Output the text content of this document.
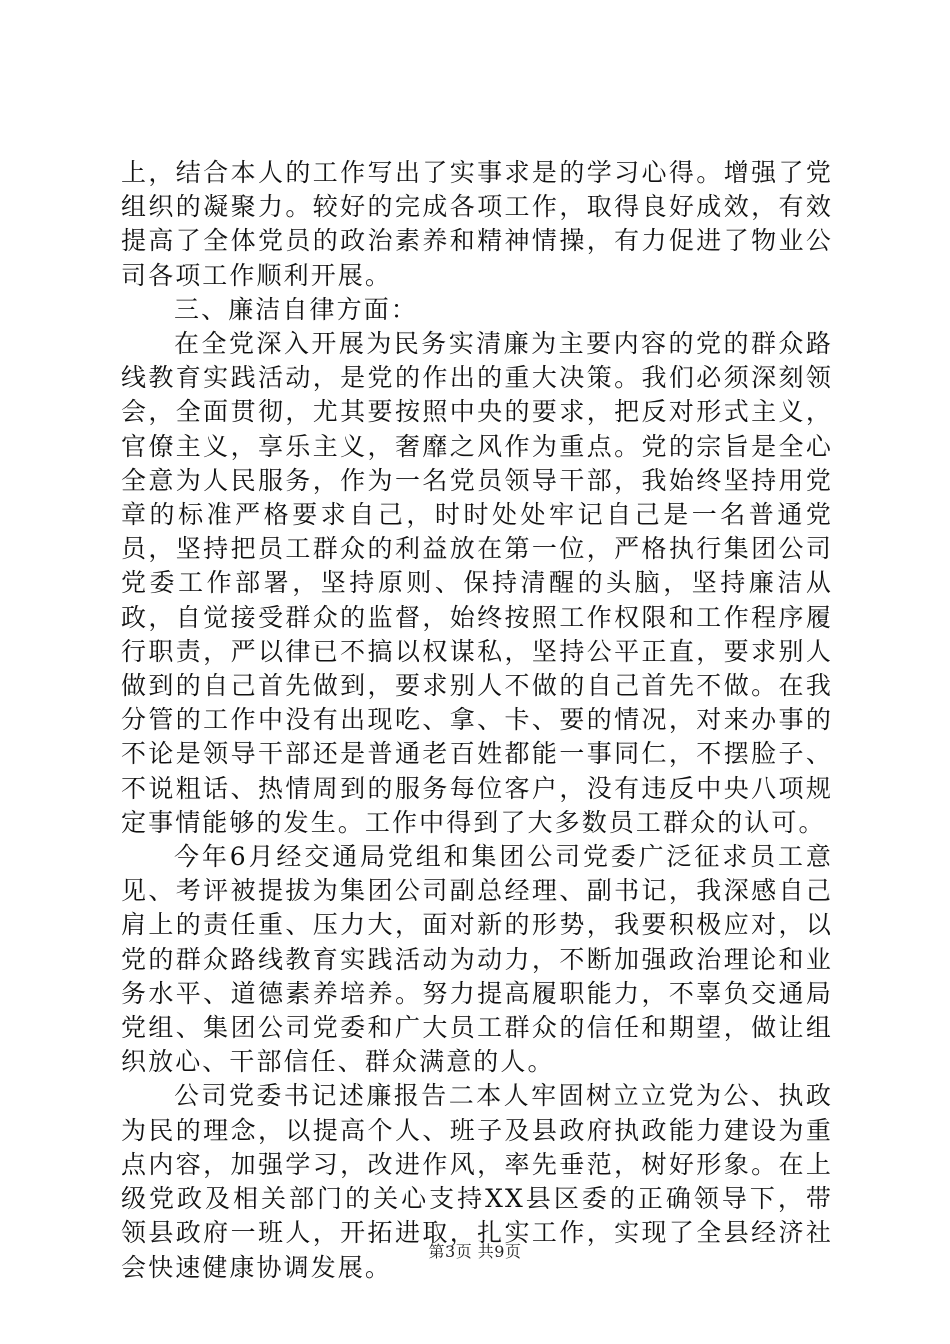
上，结合本人的工作写出了实事求是的学习心得。增强了党组织的凝聚力。较好的完成各项工作，取得良好成效，有效提高了全体党员的政治素养和精神情操，有力促进了物业公司各项工作顺利开展。

三、廉洁自律方面：

在全党深入开展为民务实清廉为主要内容的党的群众路线教育实践活动，是党的作出的重大决策。我们必须深刻领会，全面贯彻，尤其要按照中央的要求，把反对形式主义，官僚主义，享乐主义，奢靡之风作为重点。党的宗旨是全心全意为人民服务，作为一名党员领导干部，我始终坚持用党章的标准严格要求自己，时时处处牢记自己是一名普通党员，坚持把员工群众的利益放在第一位，严格执行集团公司党委工作部署，坚持原则、保持清醒的头脑，坚持廉洁从政，自觉接受群众的监督，始终按照工作权限和工作程序履行职责，严以律已不搞以权谋私，坚持公平正直，要求别人做到的自己首先做到，要求别人不做的自己首先不做。在我分管的工作中没有出现吃、拿、卡、要的情况，对来办事的不论是领导干部还是普通老百姓都能一事同仁，不摆脸子、不说粗话、热情周到的服务每位客户，没有违反中央八项规定事情能够的发生。工作中得到了大多数员工群众的认可。

今年6月经交通局党组和集团公司党委广泛征求员工意见、考评被提拔为集团公司副总经理、副书记，我深感自己肩上的责任重、压力大，面对新的形势，我要积极应对，以党的群众路线教育实践活动为动力，不断加强政治理论和业务水平、道德素养培养。努力提高履职能力，不辜负交通局党组、集团公司党委和广大员工群众的信任和期望，做让组织放心、干部信任、群众满意的人。

公司党委书记述廉报告二本人牢固树立立党为公、执政为民的理念，以提高个人、班子及县政府执政能力建设为重点内容，加强学习，改进作风，率先垂范，树好形象。在上级党政及相关部门的关心支持XX县区委的正确领导下，带领县政府一班人，开拓进取，扎实工作，实现了全县经济社会快速健康协调发展。

第3页 共9页
